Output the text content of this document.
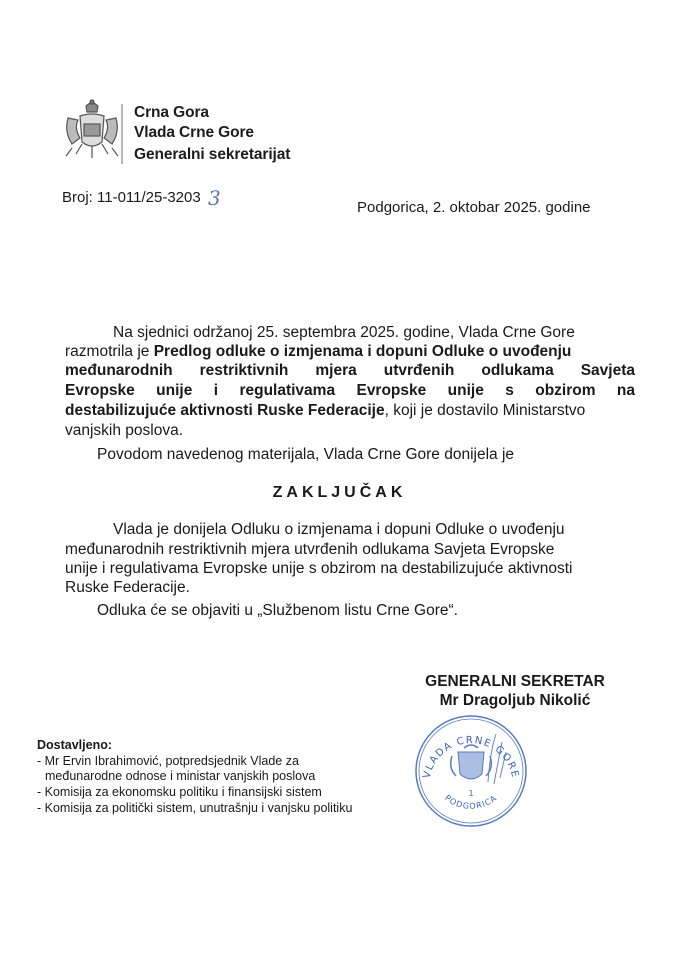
Crna Gora
Vlada Crne Gore
Generalni sekretarijat
Broj: 11-011/25-3203 3	Podgorica, 2. oktobar 2025. godine
Na sjednici održanoj 25. septembra 2025. godine, Vlada Crne Gore
razmotrila je Predlog odluke o izmjenama i dopuni Odluke o uvođenju
međunarodnih restriktivnih mjera utvrđenih odlukama Savjeta
Evropske unije i regulativama Evropske unije s obzirom na
destabilizujuće aktivnosti Ruske Federacije, koji je dostavilo Ministarstvo
vanjskih poslova.
Povodom navedenog materijala, Vlada Crne Gore donijela je
ZAKLJUČAK
Vlada je donijela Odluku o izmjenama i dopuni Odluke o uvođenju
međunarodnih restriktivnih mjera utvrđenih odlukama Savjeta Evropske
unije i regulativama Evropske unije s obzirom na destabilizujuće aktivnosti
Ruske Federacije.
Odluka će se objaviti u „Službenom listu Crne Gore“.
GENERALNI SEKRETAR
Mr Dragoljub Nikolić
VLADA CRNE GORE
PODGORICA
1
Dostavljeno:
- Mr Ervin Ibrahimović, potpredsjednik Vlade za
međunarodne odnose i ministar vanjskih poslova
- Komisija za ekonomsku politiku i finansijski sistem
- Komisija za politički sistem, unutrašnju i vanjsku politiku
